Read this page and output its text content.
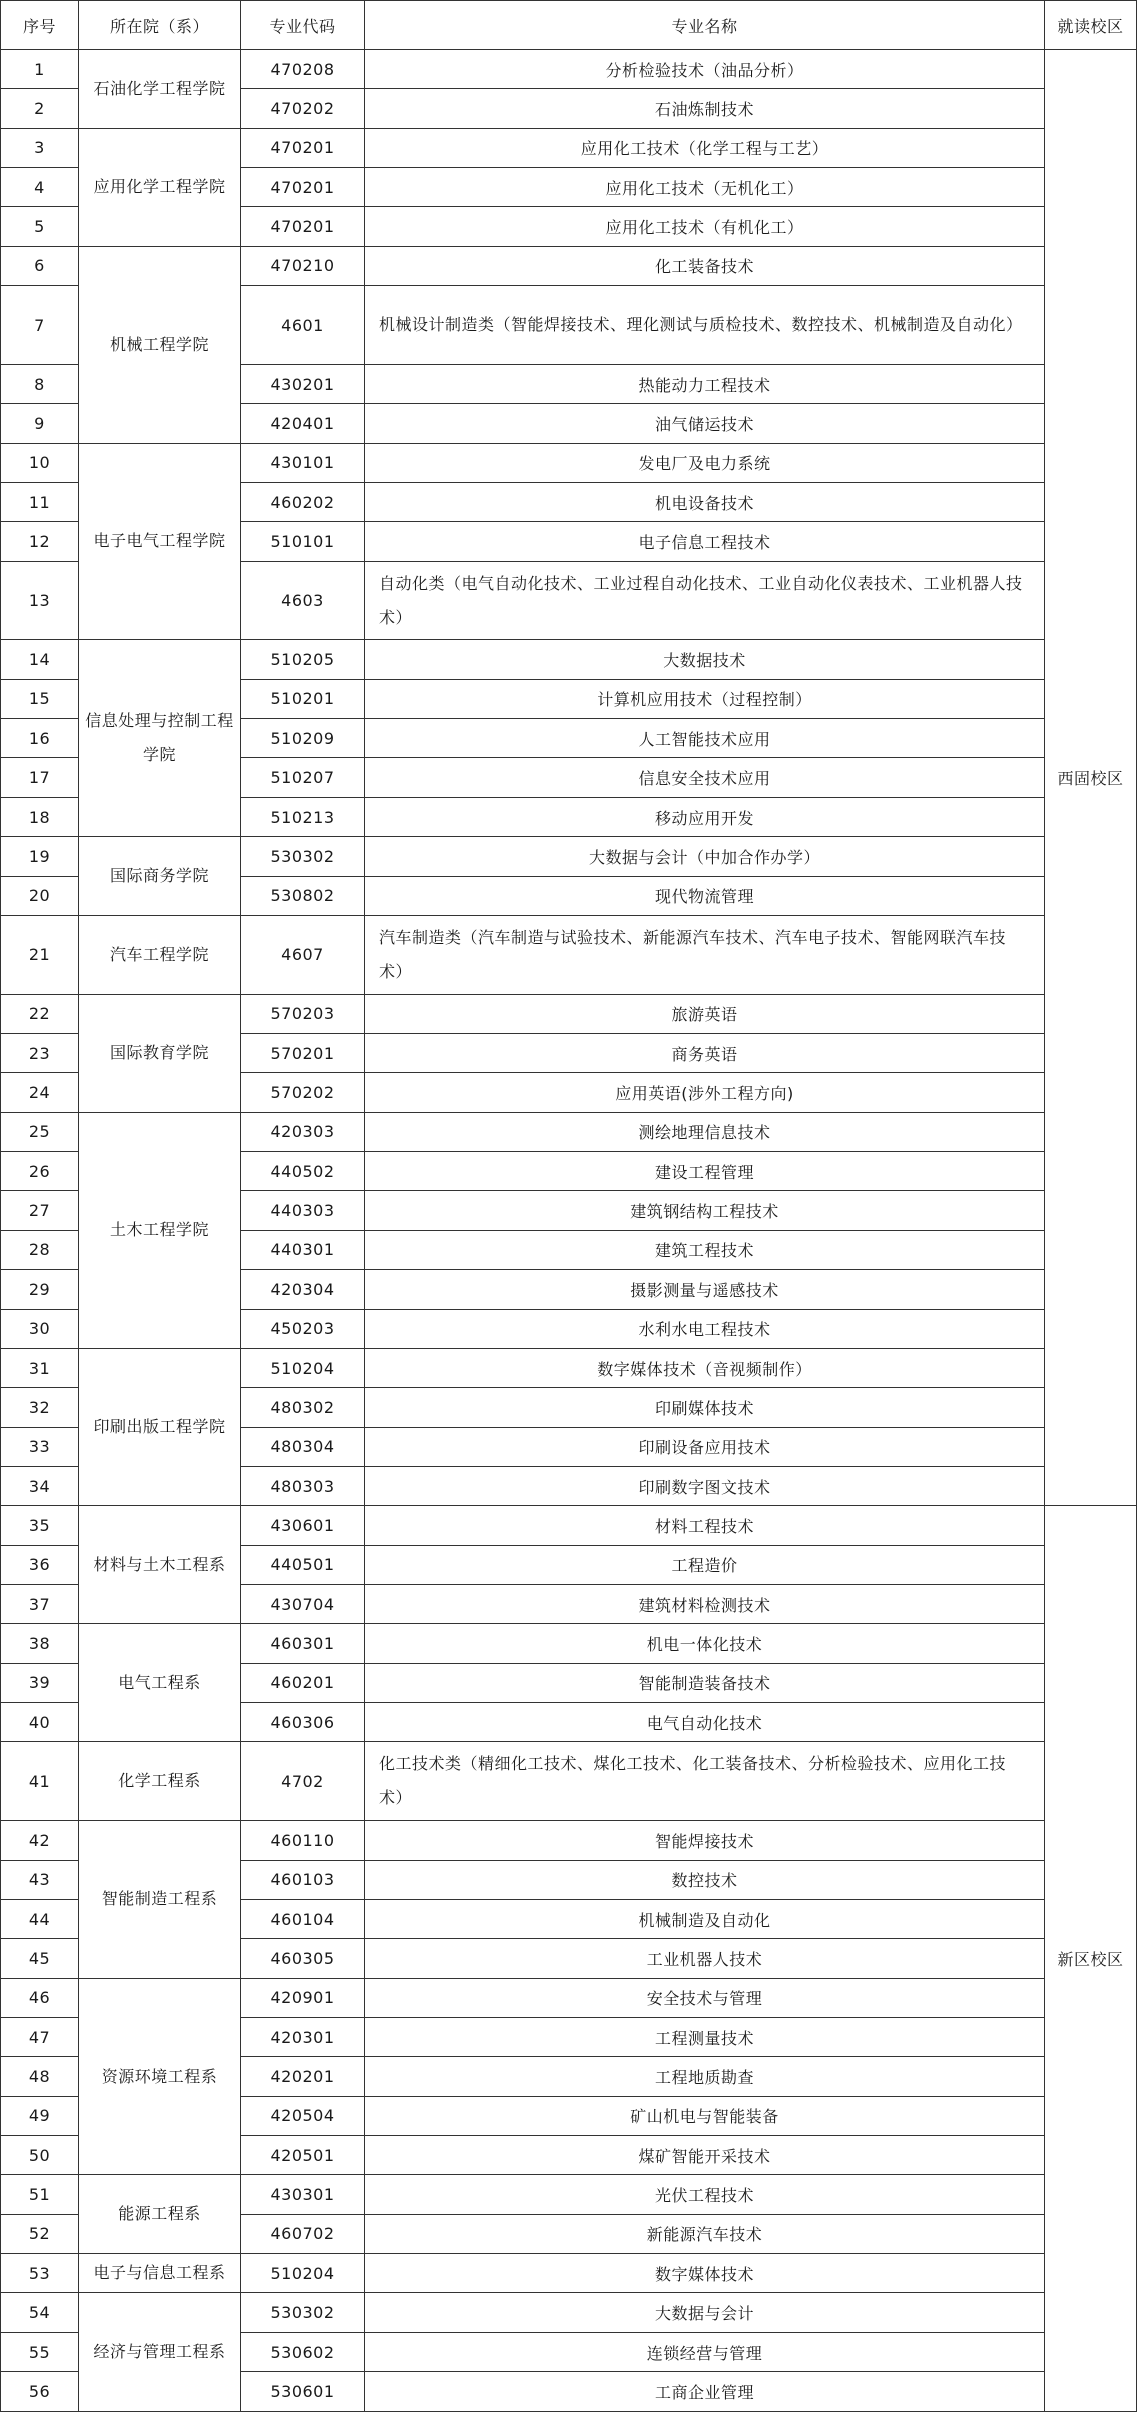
序号	所在院（系）	专业代码	专业名称	就读校区
1	石油化学工程学院	470208	分析检验技术（油品分析）	西固校区
2		470202	石油炼制技术	
3	应用化学工程学院	470201	应用化工技术（化学工程与工艺）	
4		470201	应用化工技术（无机化工）	
5		470201	应用化工技术（有机化工）	
6	机械工程学院	470210	化工装备技术	
7		4601	机械设计制造类（智能焊接技术、理化测试与质检技术、数控技术、机械制造及自动化）	
8		430201	热能动力工程技术	
9		420401	油气储运技术	
10	电子电气工程学院	430101	发电厂及电力系统	
11		460202	机电设备技术	
12		510101	电子信息工程技术	
13		4603	自动化类（电气自动化技术、工业过程自动化技术、工业自动化仪表技术、工业机器人技术）	
14	信息处理与控制工程学院	510205	大数据技术	
15		510201	计算机应用技术（过程控制）	
16		510209	人工智能技术应用	
17		510207	信息安全技术应用	
18		510213	移动应用开发	
19	国际商务学院	530302	大数据与会计（中加合作办学）	
20		530802	现代物流管理	
21	汽车工程学院	4607	汽车制造类（汽车制造与试验技术、新能源汽车技术、汽车电子技术、智能网联汽车技术）	
22	国际教育学院	570203	旅游英语	
23		570201	商务英语	
24		570202	应用英语(涉外工程方向)	
25	土木工程学院	420303	测绘地理信息技术	
26		440502	建设工程管理	
27		440303	建筑钢结构工程技术	
28		440301	建筑工程技术	
29		420304	摄影测量与遥感技术	
30		450203	水利水电工程技术	
31	印刷出版工程学院	510204	数字媒体技术（音视频制作）	
32		480302	印刷媒体技术	
33		480304	印刷设备应用技术	
34		480303	印刷数字图文技术	
35	材料与土木工程系	430601	材料工程技术	新区校区
36		440501	工程造价	
37		430704	建筑材料检测技术	
38	电气工程系	460301	机电一体化技术	
39		460201	智能制造装备技术	
40		460306	电气自动化技术	
41	化学工程系	4702	化工技术类（精细化工技术、煤化工技术、化工装备技术、分析检验技术、应用化工技术）	
42	智能制造工程系	460110	智能焊接技术	
43		460103	数控技术	
44		460104	机械制造及自动化	
45		460305	工业机器人技术	
46	资源环境工程系	420901	安全技术与管理	
47		420301	工程测量技术	
48		420201	工程地质勘查	
49		420504	矿山机电与智能装备	
50		420501	煤矿智能开采技术	
51	能源工程系	430301	光伏工程技术	
52		460702	新能源汽车技术	
53	电子与信息工程系	510204	数字媒体技术	
54	经济与管理工程系	530302	大数据与会计	
55		530602	连锁经营与管理	
56		530601	工商企业管理	
